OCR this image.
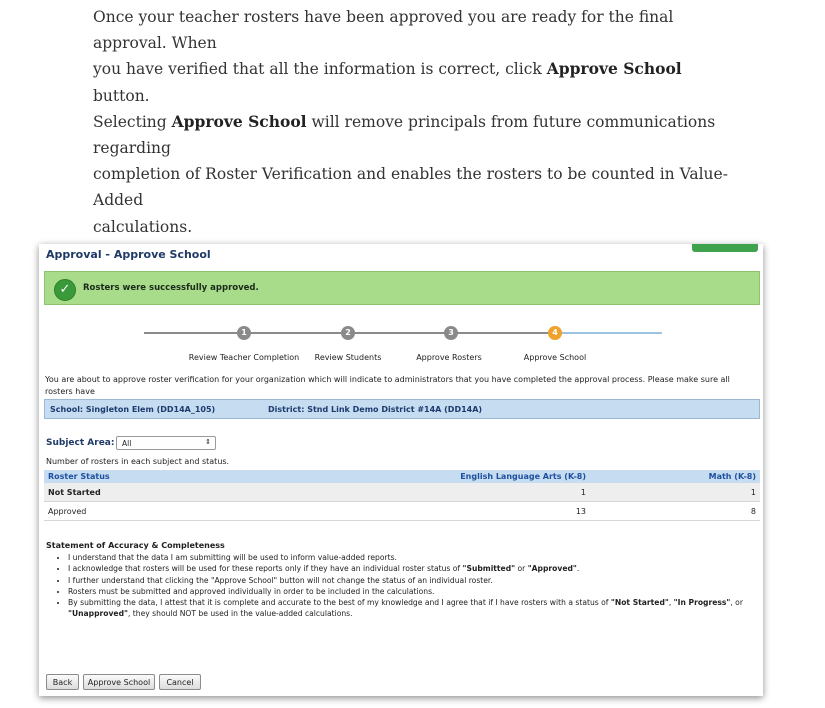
Once your teacher rosters have been approved you are ready for the final approval. When

you have verified that all the information is correct, click Approve School button.

Selecting Approve School will remove principals from future communications regarding

completion of Roster Verification and enables the rosters to be counted in Value-Added

calculations.

Approval - Approve School
✓	Rosters were successfully approved.
1	2	3	4
Review Teacher Completion Review Students	Approve Rosters	Approve School
You are about to approve roster verification for your organization which will indicate to administrators that you have completed the approval process. Please make sure all rosters have
School: Singleton Elem (DD14A_105)	District: Stnd Link Demo District #14A (DD14A)
Subject Area: All	⇕
Number of rosters in each subject and status.
Roster Status	English Language Arts (K-8)	Math (K-8)
Not Started	1	1
Approved	13	8
Statement of Accuracy & Completeness
• I understand that the data I am submitting will be used to inform value-added reports.
• I acknowledge that rosters will be used for these reports only if they have an individual roster status of "Submitted" or "Approved".
• I further understand that clicking the "Approve School" button will not change the status of an individual roster.
• Rosters must be submitted and approved individually in order to be included in the calculations.
• By submitting the data, I attest that it is complete and accurate to the best of my knowledge and I agree that if I have rosters with a status of "Not Started", "In Progress", or "Unapproved", they should NOT be used in the value-added calculations.
Back	Approve School	Cancel
